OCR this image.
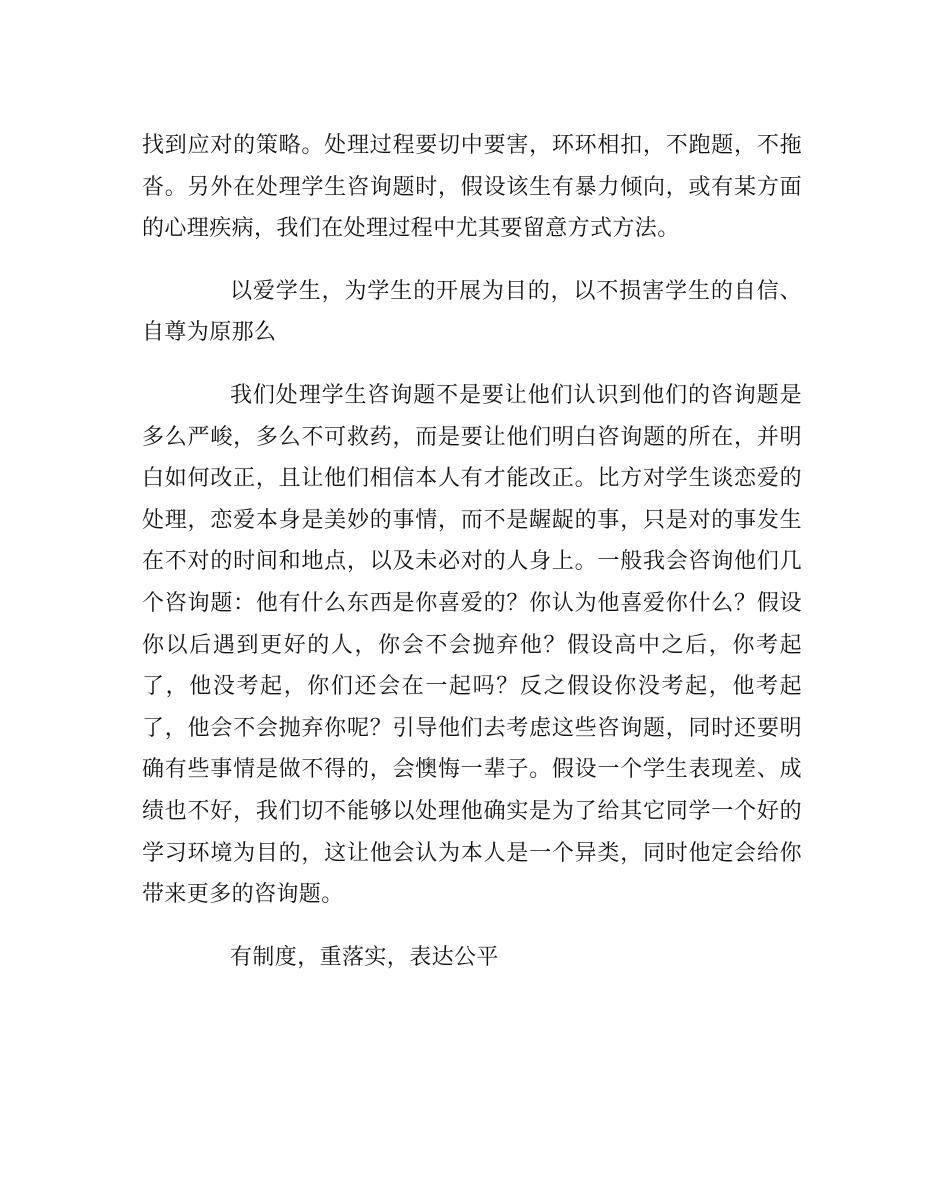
找到应对的策略。处理过程要切中要害，环环相扣，不跑题，不拖沓。另外在处理学生咨询题时，假设该生有暴力倾向，或有某方面的心理疾病，我们在处理过程中尤其要留意方式方法。

以爱学生，为学生的开展为目的，以不损害学生的自信、自尊为原那么

我们处理学生咨询题不是要让他们认识到他们的咨询题是多么严峻，多么不可救药，而是要让他们明白咨询题的所在，并明白如何改正，且让他们相信本人有才能改正。比方对学生谈恋爱的处理，恋爱本身是美妙的事情，而不是龌龊的事，只是对的事发生在不对的时间和地点，以及未必对的人身上。一般我会咨询他们几个咨询题：他有什么东西是你喜爱的？你认为他喜爱你什么？假设你以后遇到更好的人，你会不会抛弃他？假设高中之后，你考起了，他没考起，你们还会在一起吗？反之假设你没考起，他考起了，他会不会抛弃你呢？引导他们去考虑这些咨询题，同时还要明确有些事情是做不得的，会懊悔一辈子。假设一个学生表现差、成绩也不好，我们切不能够以处理他确实是为了给其它同学一个好的学习环境为目的，这让他会认为本人是一个异类，同时他定会给你带来更多的咨询题。

有制度，重落实，表达公平
